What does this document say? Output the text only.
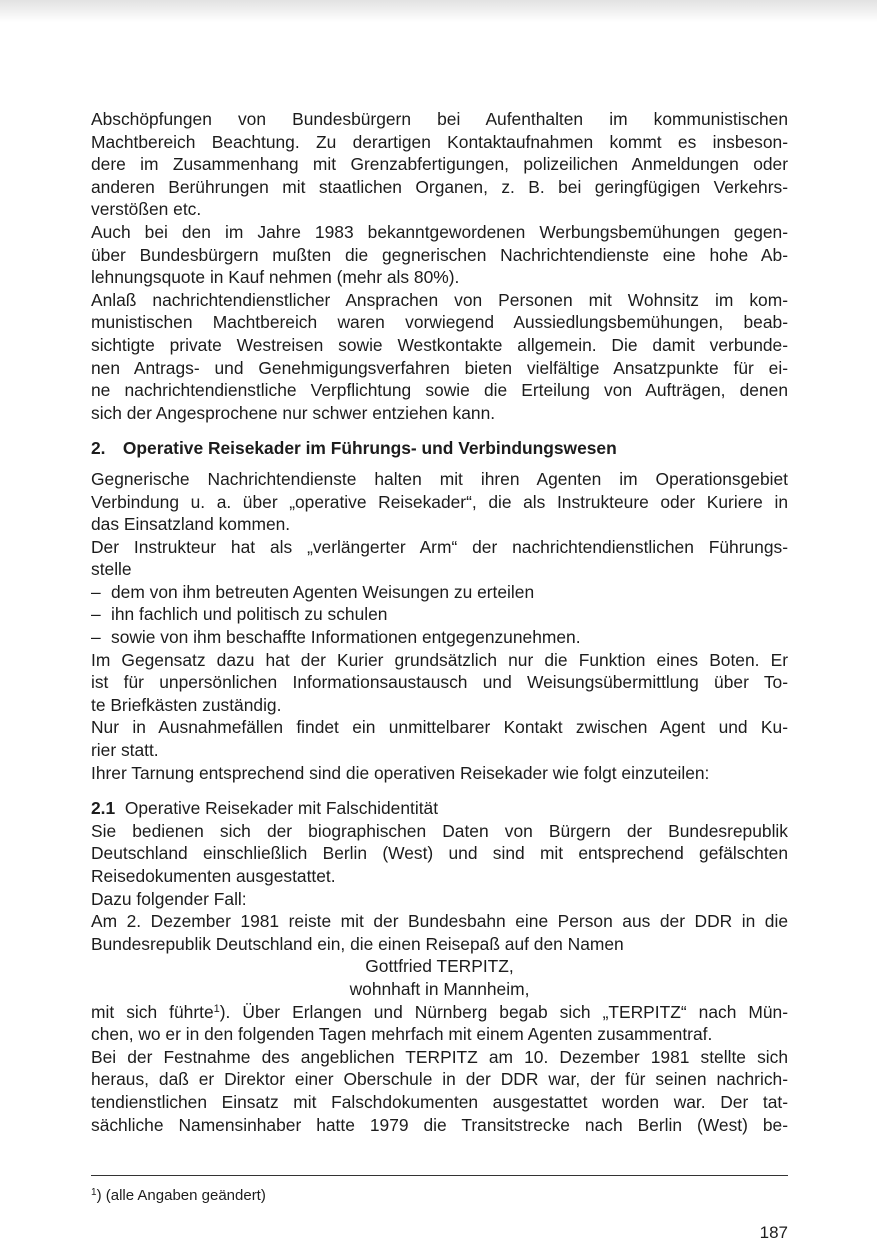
Abschöpfungen von Bundesbürgern bei Aufenthalten im kommunistischen
Machtbereich Beachtung. Zu derartigen Kontaktaufnahmen kommt es insbeson-
dere im Zusammenhang mit Grenzabfertigungen, polizeilichen Anmeldungen oder
anderen Berührungen mit staatlichen Organen, z. B. bei geringfügigen Verkehrs-
verstößen etc.

Auch bei den im Jahre 1983 bekanntgewordenen Werbungsbemühungen gegen-
über Bundesbürgern mußten die gegnerischen Nachrichtendienste eine hohe Ab-
lehnungsquote in Kauf nehmen (mehr als 80%).

Anlaß nachrichtendienstlicher Ansprachen von Personen mit Wohnsitz im kom-
munistischen Machtbereich waren vorwiegend Aussiedlungsbemühungen, beab-
sichtigte private Westreisen sowie Westkontakte allgemein. Die damit verbunde-
nen Antrags- und Genehmigungsverfahren bieten vielfältige Ansatzpunkte für ei-
ne nachrichtendienstliche Verpflichtung sowie die Erteilung von Aufträgen, denen
sich der Angesprochene nur schwer entziehen kann.

2. Operative Reisekader im Führungs- und Verbindungswesen

Gegnerische Nachrichtendienste halten mit ihren Agenten im Operationsgebiet
Verbindung u. a. über „operative Reisekader“, die als Instrukteure oder Kuriere in
das Einsatzland kommen.

Der Instrukteur hat als „verlängerter Arm“ der nachrichtendienstlichen Führungs-
stelle

– dem von ihm betreuten Agenten Weisungen zu erteilen
– ihn fachlich und politisch zu schulen
– sowie von ihm beschaffte Informationen entgegenzunehmen.

Im Gegensatz dazu hat der Kurier grundsätzlich nur die Funktion eines Boten. Er
ist für unpersönlichen Informationsaustausch und Weisungsübermittlung über To-
te Briefkästen zuständig.

Nur in Ausnahmefällen findet ein unmittelbarer Kontakt zwischen Agent und Ku-
rier statt.

Ihrer Tarnung entsprechend sind die operativen Reisekader wie folgt einzuteilen:

2.1 Operative Reisekader mit Falschidentität

Sie bedienen sich der biographischen Daten von Bürgern der Bundesrepublik
Deutschland einschließlich Berlin (West) und sind mit entsprechend gefälschten
Reisedokumenten ausgestattet.

Dazu folgender Fall:

Am 2. Dezember 1981 reiste mit der Bundesbahn eine Person aus der DDR in die
Bundesrepublik Deutschland ein, die einen Reisepaß auf den Namen
Gottfried TERPITZ,
wohnhaft in Mannheim,
mit sich führte$^1$). Über Erlangen und Nürnberg begab sich „TERPITZ“ nach Mün-
chen, wo er in den folgenden Tagen mehrfach mit einem Agenten zusammentraf.

Bei der Festnahme des angeblichen TERPITZ am 10. Dezember 1981 stellte sich
heraus, daß er Direktor einer Oberschule in der DDR war, der für seinen nachrich-
tendienstlichen Einsatz mit Falschdokumenten ausgestattet worden war. Der tat-
sächliche Namensinhaber hatte 1979 die Transitstrecke nach Berlin (West) be-

$^1$) (alle Angaben geändert)
187
